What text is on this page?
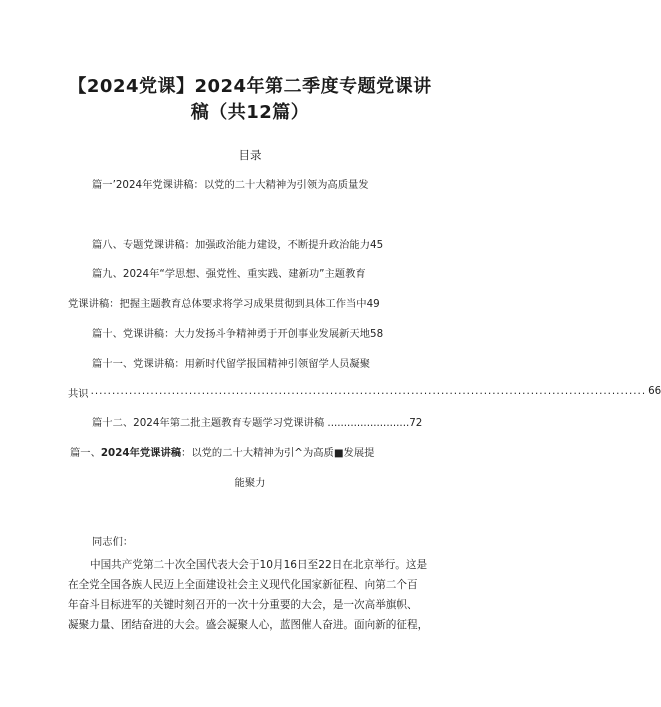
【2024党课】2024年第二季度专题党课讲
稿（共12篇）
目录
篇一’2024年党课讲稿：以党的二十大精神为引领为高质量发
篇八、专题党课讲稿：加强政治能力建设，不断提升政治能力45
篇九、2024年“学思想、强党性、重实践、建新功”主题教育
党课讲稿：把握主题教育总体要求将学习成果贯彻到具体工作当中49
篇十、党课讲稿：大力发扬斗争精神勇于开创事业发展新天地58
篇十一、党课讲稿：用新时代留学报国精神引领留学人员凝聚
共识 .................................................................................................................................. 66
篇十二、2024年第二批主题教育专题学习党课讲稿 .........................72
篇一、2024年党课讲稿：以党的二十大精神为引^为高质■发展提
能聚力
同志们：
中国共产党第二十次全国代表大会于10月16日至22日在北京举行。这是
在全党全国各族人民迈上全面建设社会主义现代化国家新征程、向第二个百
年奋斗目标进军的关键时刻召开的一次十分重要的大会，是一次高举旗帜、
凝聚力量、团结奋进的大会。盛会凝聚人心，蓝图催人奋进。面向新的征程，
